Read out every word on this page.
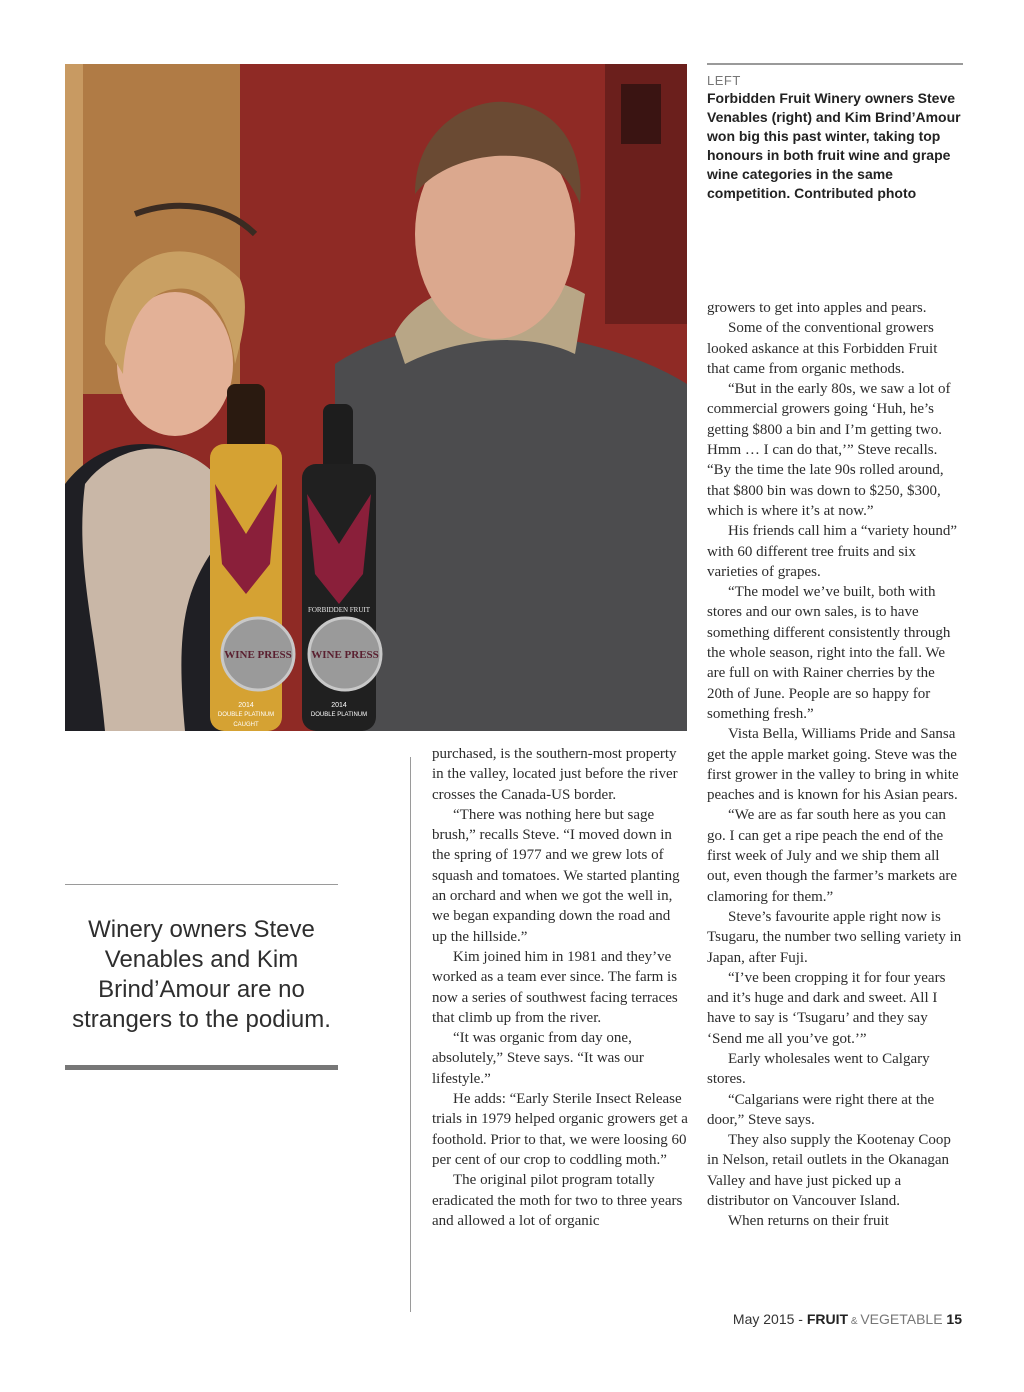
WINE PRESS WINE PRESS
2014
DOUBLE PLATINUM
CAUGHT
FORBIDDEN FRUIT
2014
DOUBLE PLATINUM
LEFT
Forbidden Fruit Winery owners Steve Venables (right) and Kim Brind’Amour won big this past winter, taking top honours in both fruit wine and grape wine categories in the same competition. Contributed photo
Winery owners Steve Venables and Kim Brind’Amour are no strangers to the podium.

purchased, is the southern-most property in the valley, located just before the river crosses the Canada-US border.

“There was nothing here but sage brush,” recalls Steve. “I moved down in the spring of 1977 and we grew lots of squash and tomatoes. We started planting an orchard and when we got the well in, we began expanding down the road and up the hillside.”

Kim joined him in 1981 and they’ve worked as a team ever since. The farm is now a series of southwest facing terraces that climb up from the river.

“It was organic from day one, absolutely,” Steve says. “It was our lifestyle.”

He adds: “Early Sterile Insect Release trials in 1979 helped organic growers get a foothold. Prior to that, we were loosing 60 per cent of our crop to coddling moth.”

The original pilot program totally eradicated the moth for two to three years and allowed a lot of organic

growers to get into apples and pears.

Some of the conventional growers looked askance at this Forbidden Fruit that came from organic methods.

“But in the early 80s, we saw a lot of commercial growers going ‘Huh, he’s getting $800 a bin and I’m getting two. Hmm … I can do that,’” Steve recalls. “By the time the late 90s rolled around, that $800 bin was down to $250, $300, which is where it’s at now.”

His friends call him a “variety hound” with 60 different tree fruits and six varieties of grapes.

“The model we’ve built, both with stores and our own sales, is to have something different consistently through the whole season, right into the fall. We are full on with Rainer cherries by the 20th of June. People are so happy for something fresh.”

Vista Bella, Williams Pride and Sansa get the apple market going. Steve was the first grower in the valley to bring in white peaches and is known for his Asian pears.

“We are as far south here as you can go. I can get a ripe peach the end of the first week of July and we ship them all out, even though the farmer’s markets are clamoring for them.”

Steve’s favourite apple right now is Tsugaru, the number two selling variety in Japan, after Fuji.

“I’ve been cropping it for four years and it’s huge and dark and sweet. All I have to say is ‘Tsugaru’ and they say ‘Send me all you’ve got.’”

Early wholesales went to Calgary stores.

“Calgarians were right there at the door,” Steve says.

They also supply the Kootenay Coop in Nelson, retail outlets in the Okanagan Valley and have just picked up a distributor on Vancouver Island.

When returns on their fruit

May 2015 - FRUIT & VEGETABLE 15
